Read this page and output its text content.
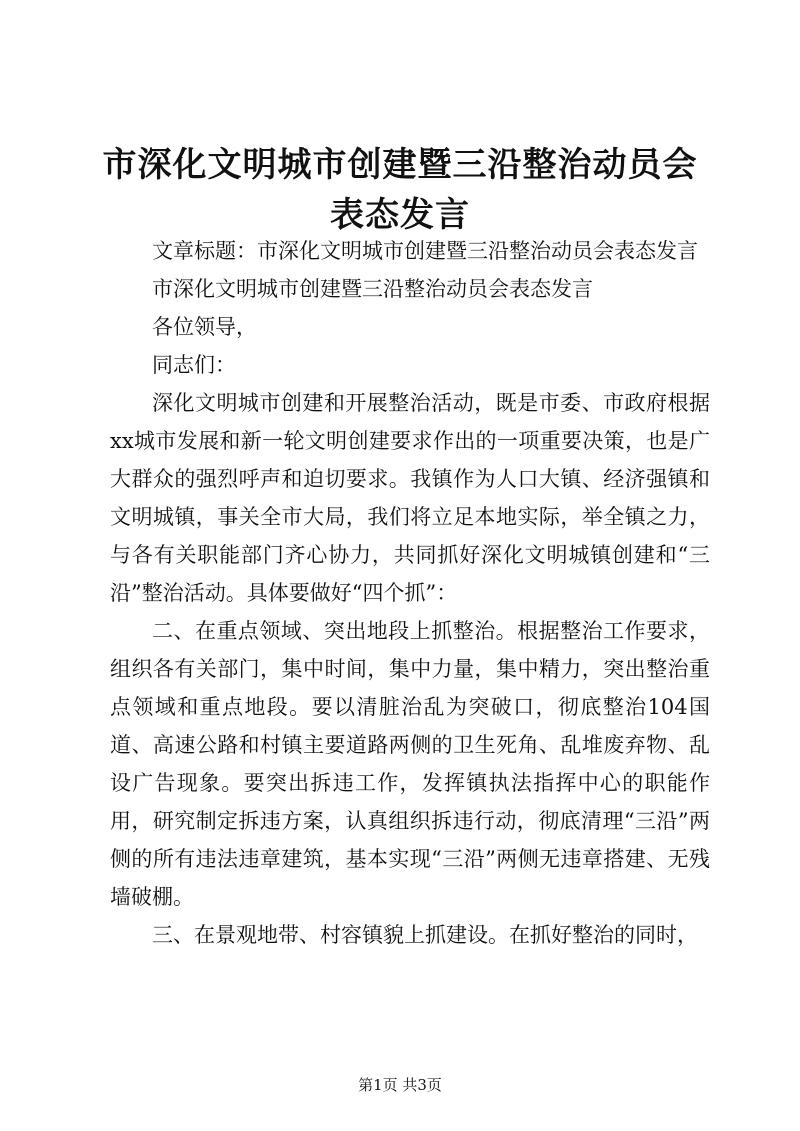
市深化文明城市创建暨三沿整治动员会表态发言

文章标题：市深化文明城市创建暨三沿整治动员会表态发言

市深化文明城市创建暨三沿整治动员会表态发言

各位领导，

同志们：

深化文明城市创建和开展整治活动，既是市委、市政府根据xx城市发展和新一轮文明创建要求作出的一项重要决策，也是广大群众的强烈呼声和迫切要求。我镇作为人口大镇、经济强镇和文明城镇，事关全市大局，我们将立足本地实际，举全镇之力，与各有关职能部门齐心协力，共同抓好深化文明城镇创建和“三沿”整治活动。具体要做好“四个抓”：

二、在重点领域、突出地段上抓整治。根据整治工作要求，组织各有关部门，集中时间，集中力量，集中精力，突出整治重点领域和重点地段。要以清脏治乱为突破口，彻底整治104国道、高速公路和村镇主要道路两侧的卫生死角、乱堆废弃物、乱设广告现象。要突出拆违工作，发挥镇执法指挥中心的职能作用，研究制定拆违方案，认真组织拆违行动，彻底清理“三沿”两侧的所有违法违章建筑，基本实现“三沿”两侧无违章搭建、无残墙破棚。

三、在景观地带、村容镇貌上抓建设。在抓好整治的同时，

第1页 共3页
